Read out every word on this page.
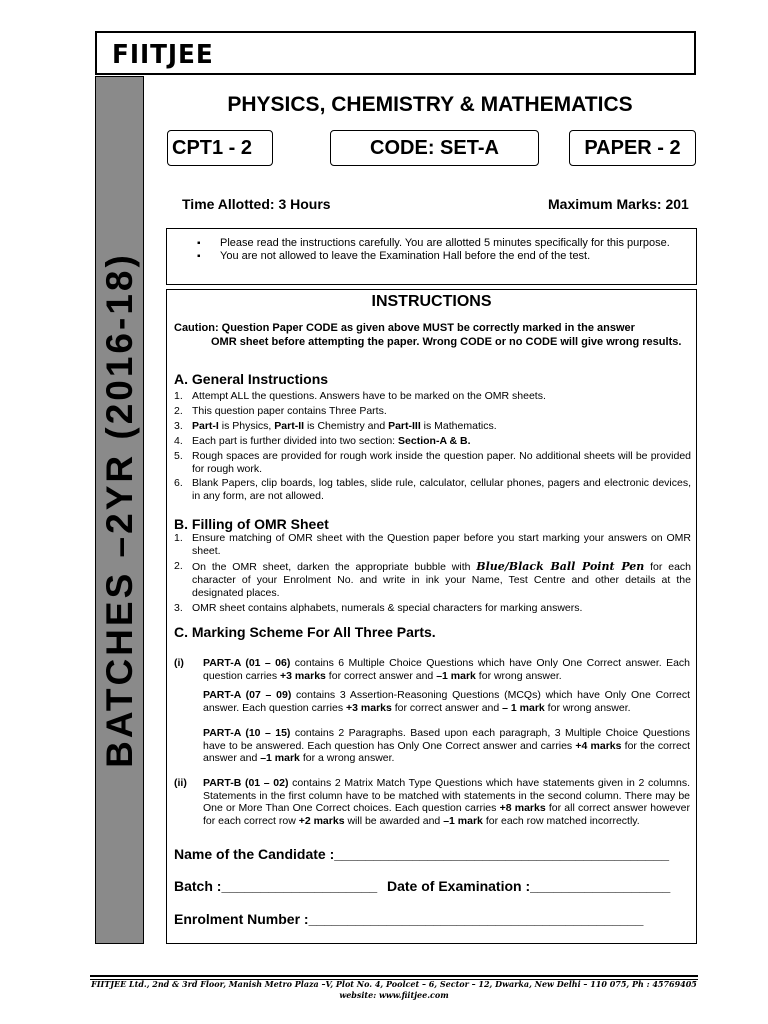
FIITJEE
BATCHES –2YR (2016-18)
PHYSICS, CHEMISTRY & MATHEMATICS
CPT1 - 2	CODE: SET-A	PAPER - 2
Time Allotted: 3 Hours	Maximum Marks: 201
▪ Please read the instructions carefully. You are allotted 5 minutes specifically for this purpose.
▪ You are not allowed to leave the Examination Hall before the end of the test.
INSTRUCTIONS
Caution: Question Paper CODE as given above MUST be correctly marked in the answer
OMR sheet before attempting the paper. Wrong CODE or no CODE will give wrong results.
A. General Instructions
1. Attempt ALL the questions. Answers have to be marked on the OMR sheets.
2. This question paper contains Three Parts.
3. Part-I is Physics, Part-II is Chemistry and Part-III is Mathematics.
4. Each part is further divided into two section: Section-A & B.
5. Rough spaces are provided for rough work inside the question paper. No additional sheets will be provided for rough work.
6. Blank Papers, clip boards, log tables, slide rule, calculator, cellular phones, pagers and electronic devices, in any form, are not allowed.
B. Filling of OMR Sheet
1. Ensure matching of OMR sheet with the Question paper before you start marking your answers on OMR sheet.
2. On the OMR sheet, darken the appropriate bubble with Blue/Black Ball Point Pen for each character of your Enrolment No. and write in ink your Name, Test Centre and other details at the designated places.
3. OMR sheet contains alphabets, numerals & special characters for marking answers.
C. Marking Scheme For All Three Parts.
(i) PART-A (01 – 06) contains 6 Multiple Choice Questions which have Only One Correct answer. Each question carries +3 marks for correct answer and –1 mark for wrong answer.
PART-A (07 – 09) contains 3 Assertion-Reasoning Questions (MCQs) which have Only One Correct answer. Each question carries +3 marks for correct answer and – 1 mark for wrong answer.
PART-A (10 – 15) contains 2 Paragraphs. Based upon each paragraph, 3 Multiple Choice Questions have to be answered. Each question has Only One Correct answer and carries +4 marks for the correct answer and –1 mark for a wrong answer.
(ii) PART-B (01 – 02) contains 2 Matrix Match Type Questions which have statements given in 2 columns. Statements in the first column have to be matched with statements in the second column. There may be One or More Than One Correct choices. Each question carries +8 marks for all correct answer however for each correct row +2 marks will be awarded and –1 mark for each row matched incorrectly.
Name of the Candidate :___________________________________________
Batch :____________________ Date of Examination :__________________
Enrolment Number :___________________________________________
FIITJEE Ltd., 2nd & 3rd Floor, Manish Metro Plaza –V, Plot No. 4, Poolcet – 6, Sector – 12, Dwarka, New Delhi – 110 075, Ph : 45769405
website: www.fiitjee.com
